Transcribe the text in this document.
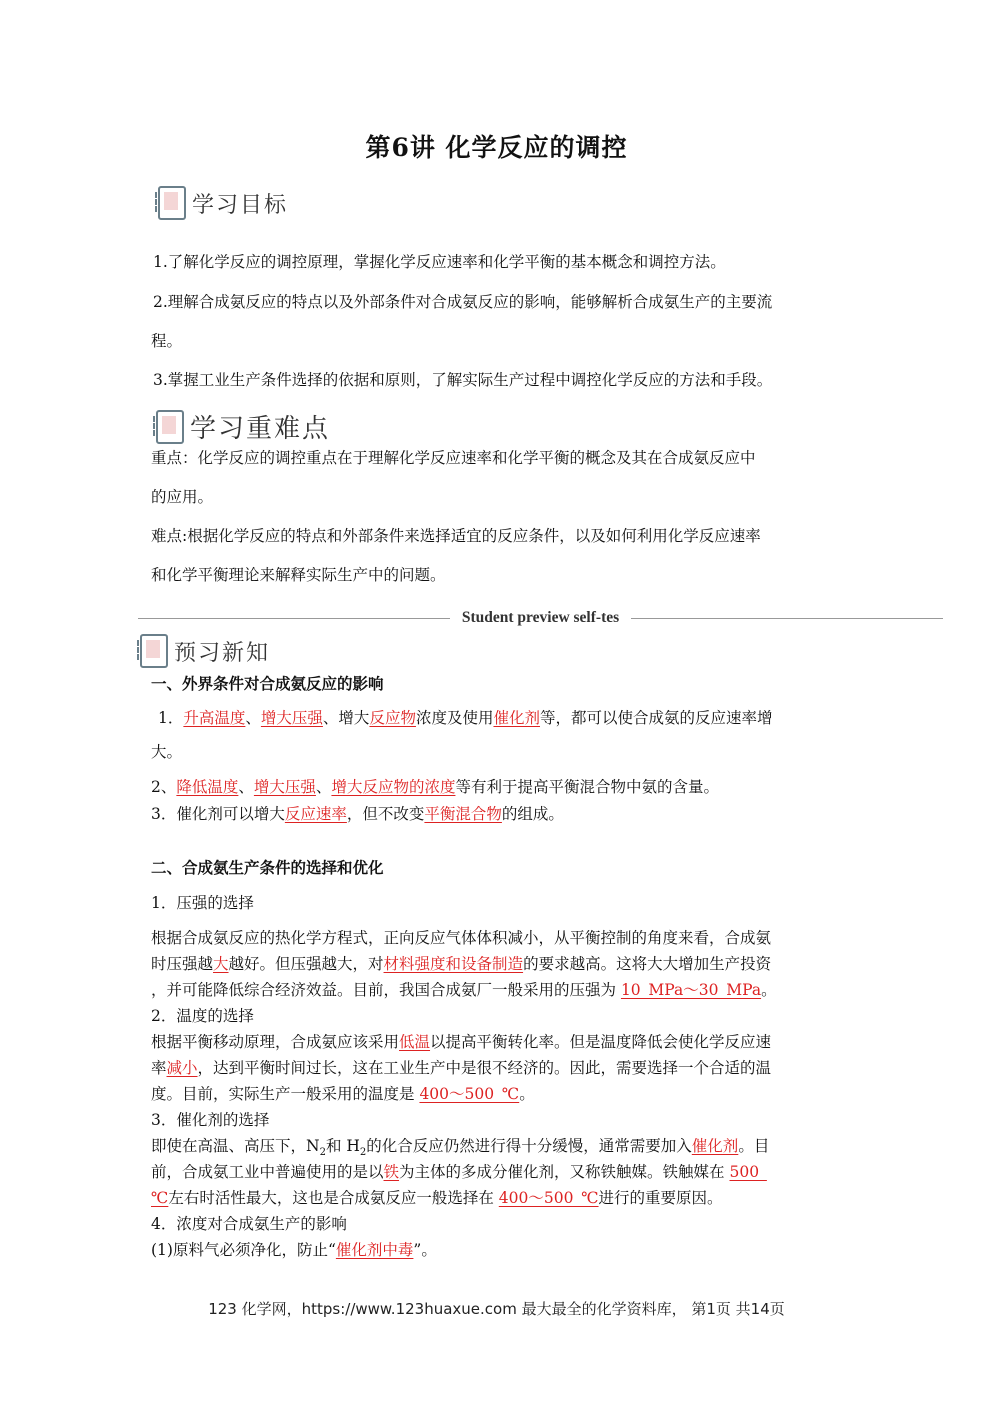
第6讲 化学反应的调控
学习目标
1.了解化学反应的调控原理，掌握化学反应速率和化学平衡的基本概念和调控方法。
2.理解合成氨反应的特点以及外部条件对合成氨反应的影响，能够解析合成氨生产的主要流
程。
3.掌握工业生产条件选择的依据和原则，了解实际生产过程中调控化学反应的方法和手段。
学习重难点
重点：化学反应的调控重点在于理解化学反应速率和化学平衡的概念及其在合成氨反应中
的应用。
难点:根据化学反应的特点和外部条件来选择适宜的反应条件，以及如何利用化学反应速率
和化学平衡理论来解释实际生产中的问题。
Student preview self-tes
预习新知
一、外界条件对合成氨反应的影响
1．升高温度、增大压强、增大反应物浓度及使用催化剂等，都可以使合成氨的反应速率增
大。
2、降低温度、增大压强、增大反应物的浓度等有利于提高平衡混合物中氨的含量。
3．催化剂可以增大反应速率，但不改变平衡混合物的组成。
二、合成氨生产条件的选择和优化
1．压强的选择
根据合成氨反应的热化学方程式，正向反应气体体积减小，从平衡控制的角度来看，合成氨
时压强越大越好。但压强越大，对材料强度和设备制造的要求越高。这将大大增加生产投资
，并可能降低综合经济效益。目前，我国合成氨厂一般采用的压强为 10_MPa～30_MPa。
2．温度的选择
根据平衡移动原理，合成氨应该采用低温以提高平衡转化率。但是温度降低会使化学反应速
率减小，达到平衡时间过长，这在工业生产中是很不经济的。因此，需要选择一个合适的温
度。目前，实际生产一般采用的温度是 400～500_℃。
3．催化剂的选择
即使在高温、高压下，$N_2$和 $H_2$的化合反应仍然进行得十分缓慢，通常需要加入催化剂。目
前，合成氨工业中普遍使用的是以铁为主体的多成分催化剂，又称铁触媒。铁触媒在 500_
℃左右时活性最大，这也是合成氨反应一般选择在 400～500_℃进行的重要原因。
4．浓度对合成氨生产的影响
(1)原料气必须净化，防止“催化剂中毒”。
123 化学网，https://www.123huaxue.com 最大最全的化学资料库， 第1页 共14页
